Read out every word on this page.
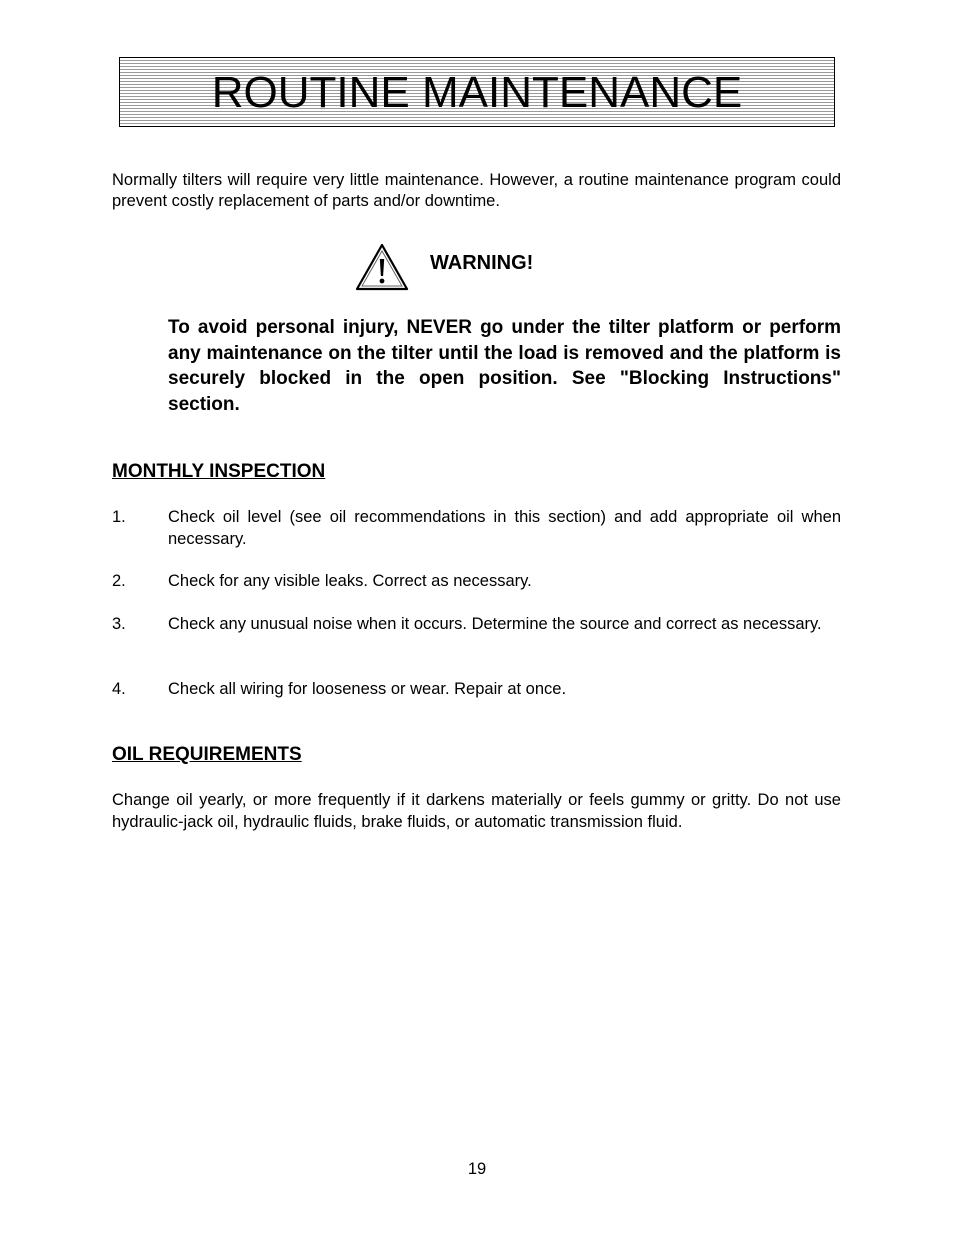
ROUTINE MAINTENANCE

Normally tilters will require very little maintenance. However, a routine maintenance program could prevent costly replacement of parts and/or downtime.

WARNING!

To avoid personal injury, NEVER go under the tilter platform or perform any maintenance on the tilter until the load is removed and the platform is securely blocked in the open position. See "Blocking Instructions" section.

MONTHLY INSPECTION
1.	Check oil level (see oil recommendations in this section) and add appropriate oil when necessary.
2.	Check for any visible leaks. Correct as necessary.
3.	Check any unusual noise when it occurs. Determine the source and correct as necessary.
4.	Check all wiring for looseness or wear. Repair at once.
OIL REQUIREMENTS

Change oil yearly, or more frequently if it darkens materially or feels gummy or gritty. Do not use hydraulic-jack oil, hydraulic fluids, brake fluids, or automatic transmission fluid.

19
